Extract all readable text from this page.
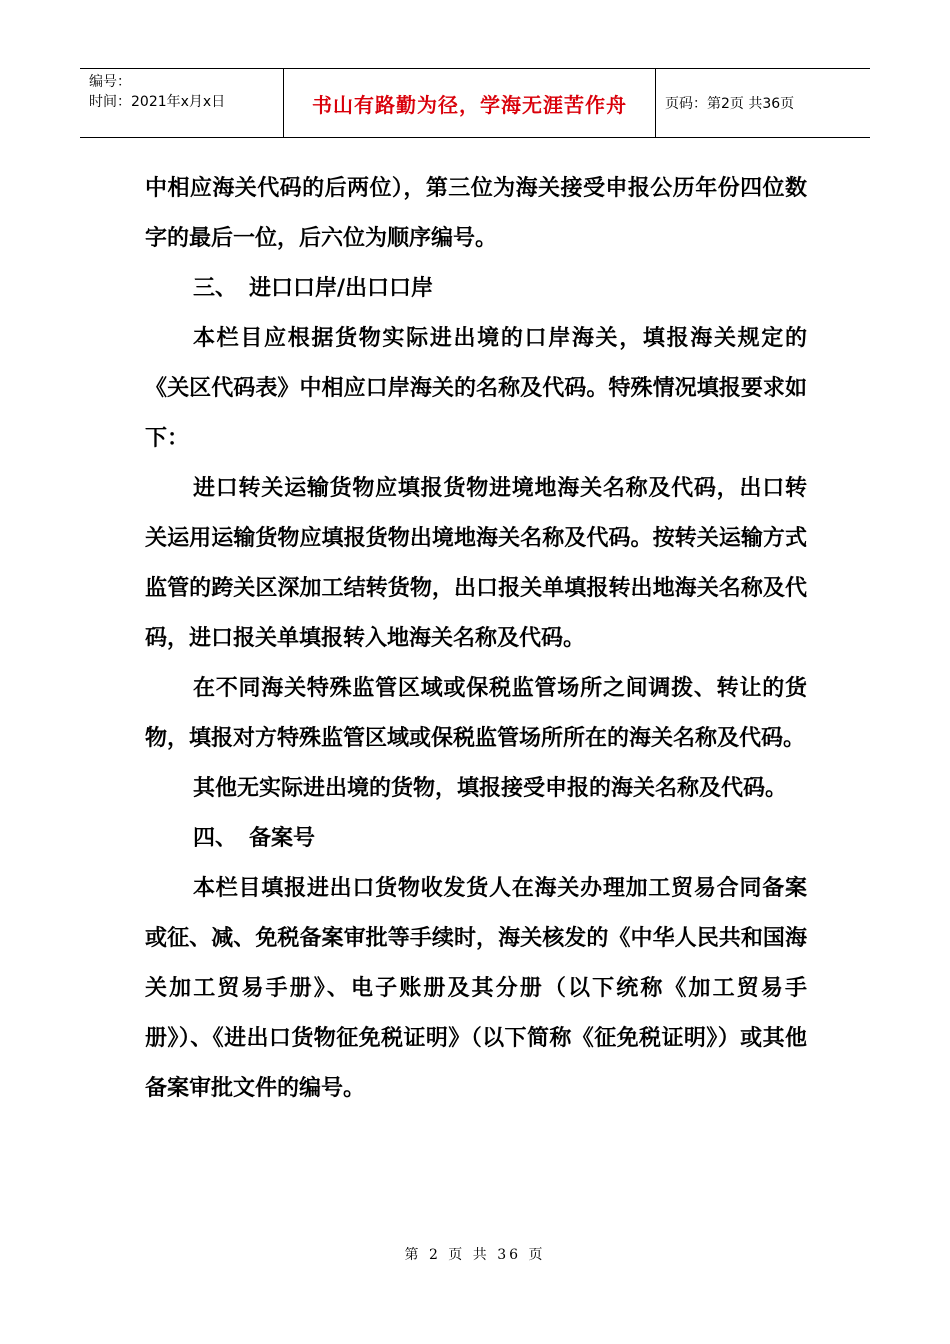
编号：
时间：2021年x月x日	书山有路勤为径，学海无涯苦作舟	页码：第2页 共36页

中相应海关代码的后两位），第三位为海关接受申报公历年份四位数字的最后一位，后六位为顺序编号。

三、 进口口岸/出口口岸

本栏目应根据货物实际进出境的口岸海关，填报海关规定的《关区代码表》中相应口岸海关的名称及代码。特殊情况填报要求如下：

进口转关运输货物应填报货物进境地海关名称及代码，出口转关运用运输货物应填报货物出境地海关名称及代码。按转关运输方式监管的跨关区深加工结转货物，出口报关单填报转出地海关名称及代码，进口报关单填报转入地海关名称及代码。

在不同海关特殊监管区域或保税监管场所之间调拨、转让的货物，填报对方特殊监管区域或保税监管场所所在的海关名称及代码。

其他无实际进出境的货物，填报接受申报的海关名称及代码。

四、 备案号

本栏目填报进出口货物收发货人在海关办理加工贸易合同备案或征、减、免税备案审批等手续时，海关核发的《中华人民共和国海关加工贸易手册》、电子账册及其分册（以下统称《加工贸易手册》）、《进出口货物征免税证明》（以下简称《征免税证明》）或其他备案审批文件的编号。

第 2 页 共 36 页
